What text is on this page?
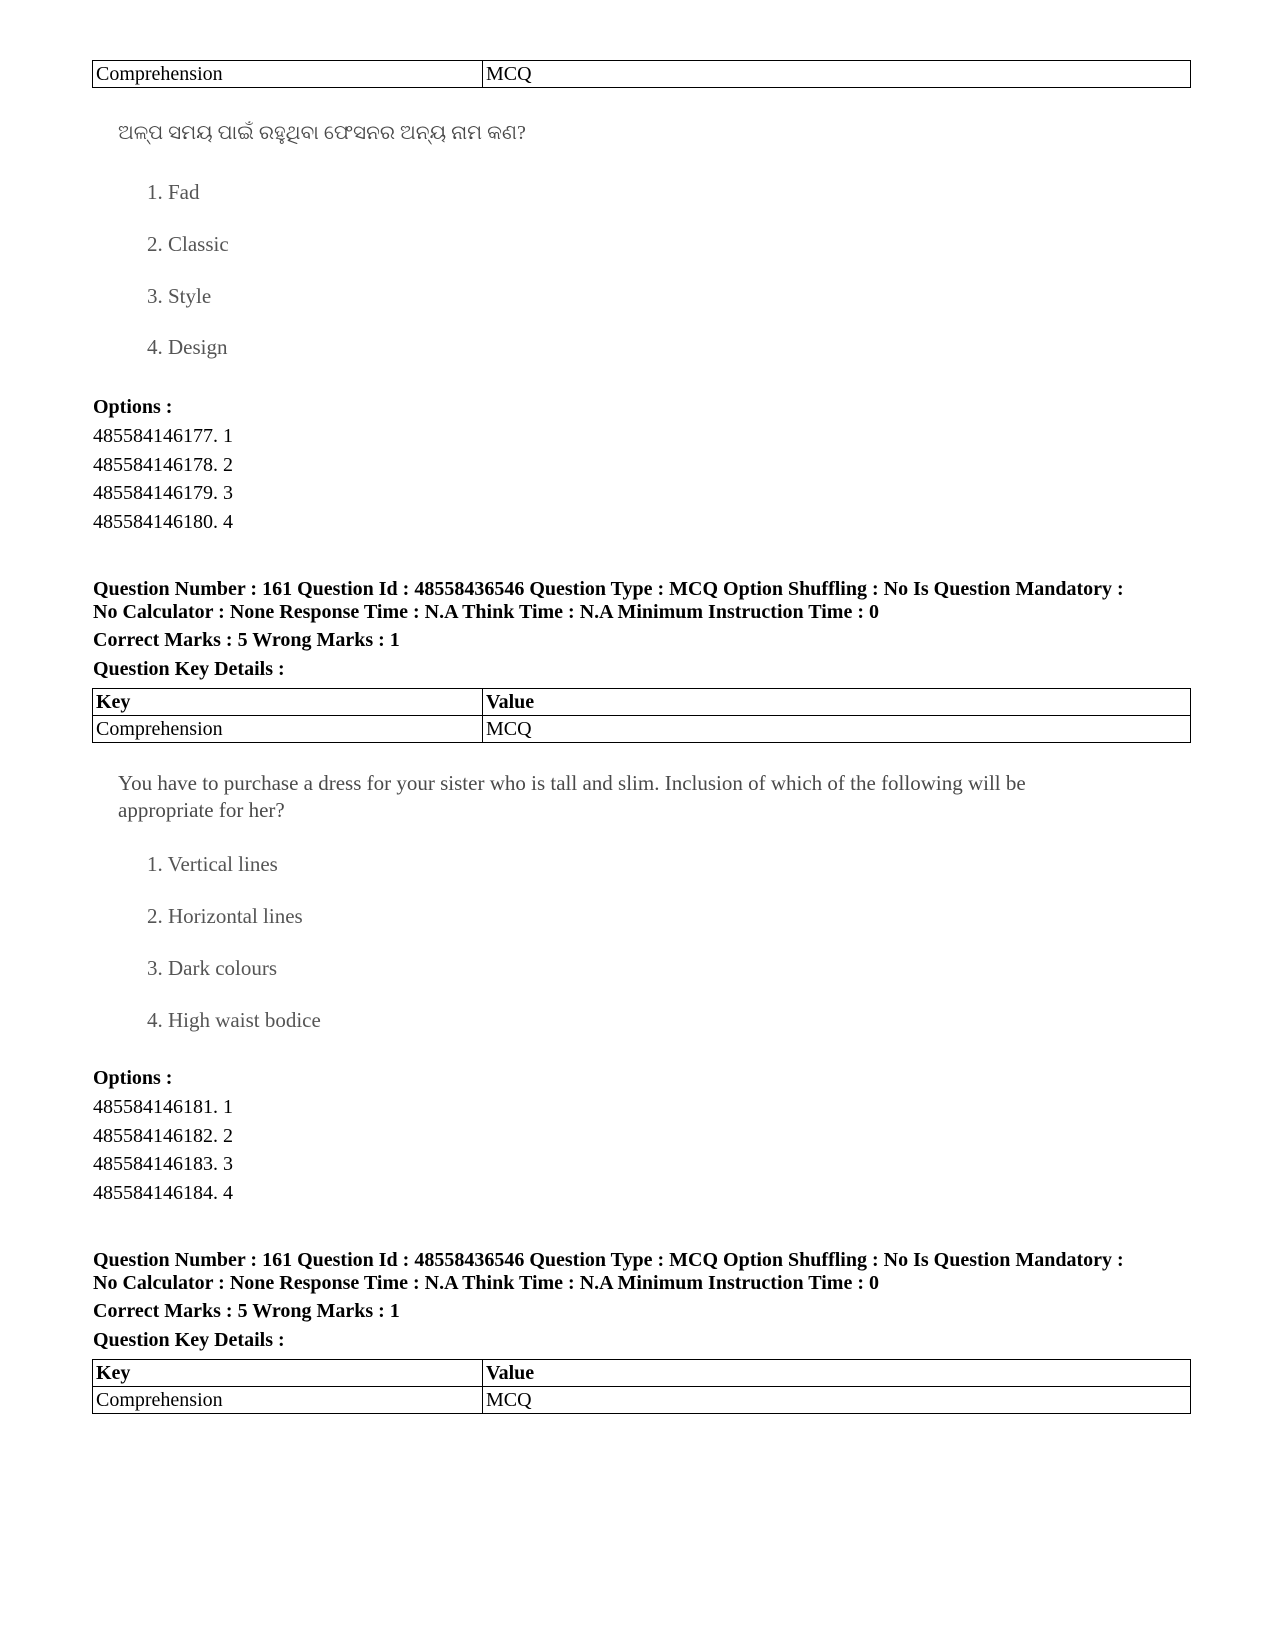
Comprehension	MCQ
ଅଳ୍ପ ସମୟ ପାଇଁ ରହୁଥିବା ଫେସନର ଅନ୍ୟ ନାମ କଣ?
1. Fad
2. Classic
3. Style
4. Design
Options :
485584146177. 1
485584146178. 2
485584146179. 3
485584146180. 4
Question Number : 161 Question Id : 48558436546 Question Type : MCQ Option Shuffling : No Is Question Mandatory :
No Calculator : None Response Time : N.A Think Time : N.A Minimum Instruction Time : 0
Correct Marks : 5 Wrong Marks : 1
Question Key Details :
Key	Value
Comprehension	MCQ
You have to purchase a dress for your sister who is tall and slim. Inclusion of which of the following will be
appropriate for her?
1. Vertical lines
2. Horizontal lines
3. Dark colours
4. High waist bodice
Options :
485584146181. 1
485584146182. 2
485584146183. 3
485584146184. 4
Question Number : 161 Question Id : 48558436546 Question Type : MCQ Option Shuffling : No Is Question Mandatory :
No Calculator : None Response Time : N.A Think Time : N.A Minimum Instruction Time : 0
Correct Marks : 5 Wrong Marks : 1
Question Key Details :
Key	Value
Comprehension	MCQ
